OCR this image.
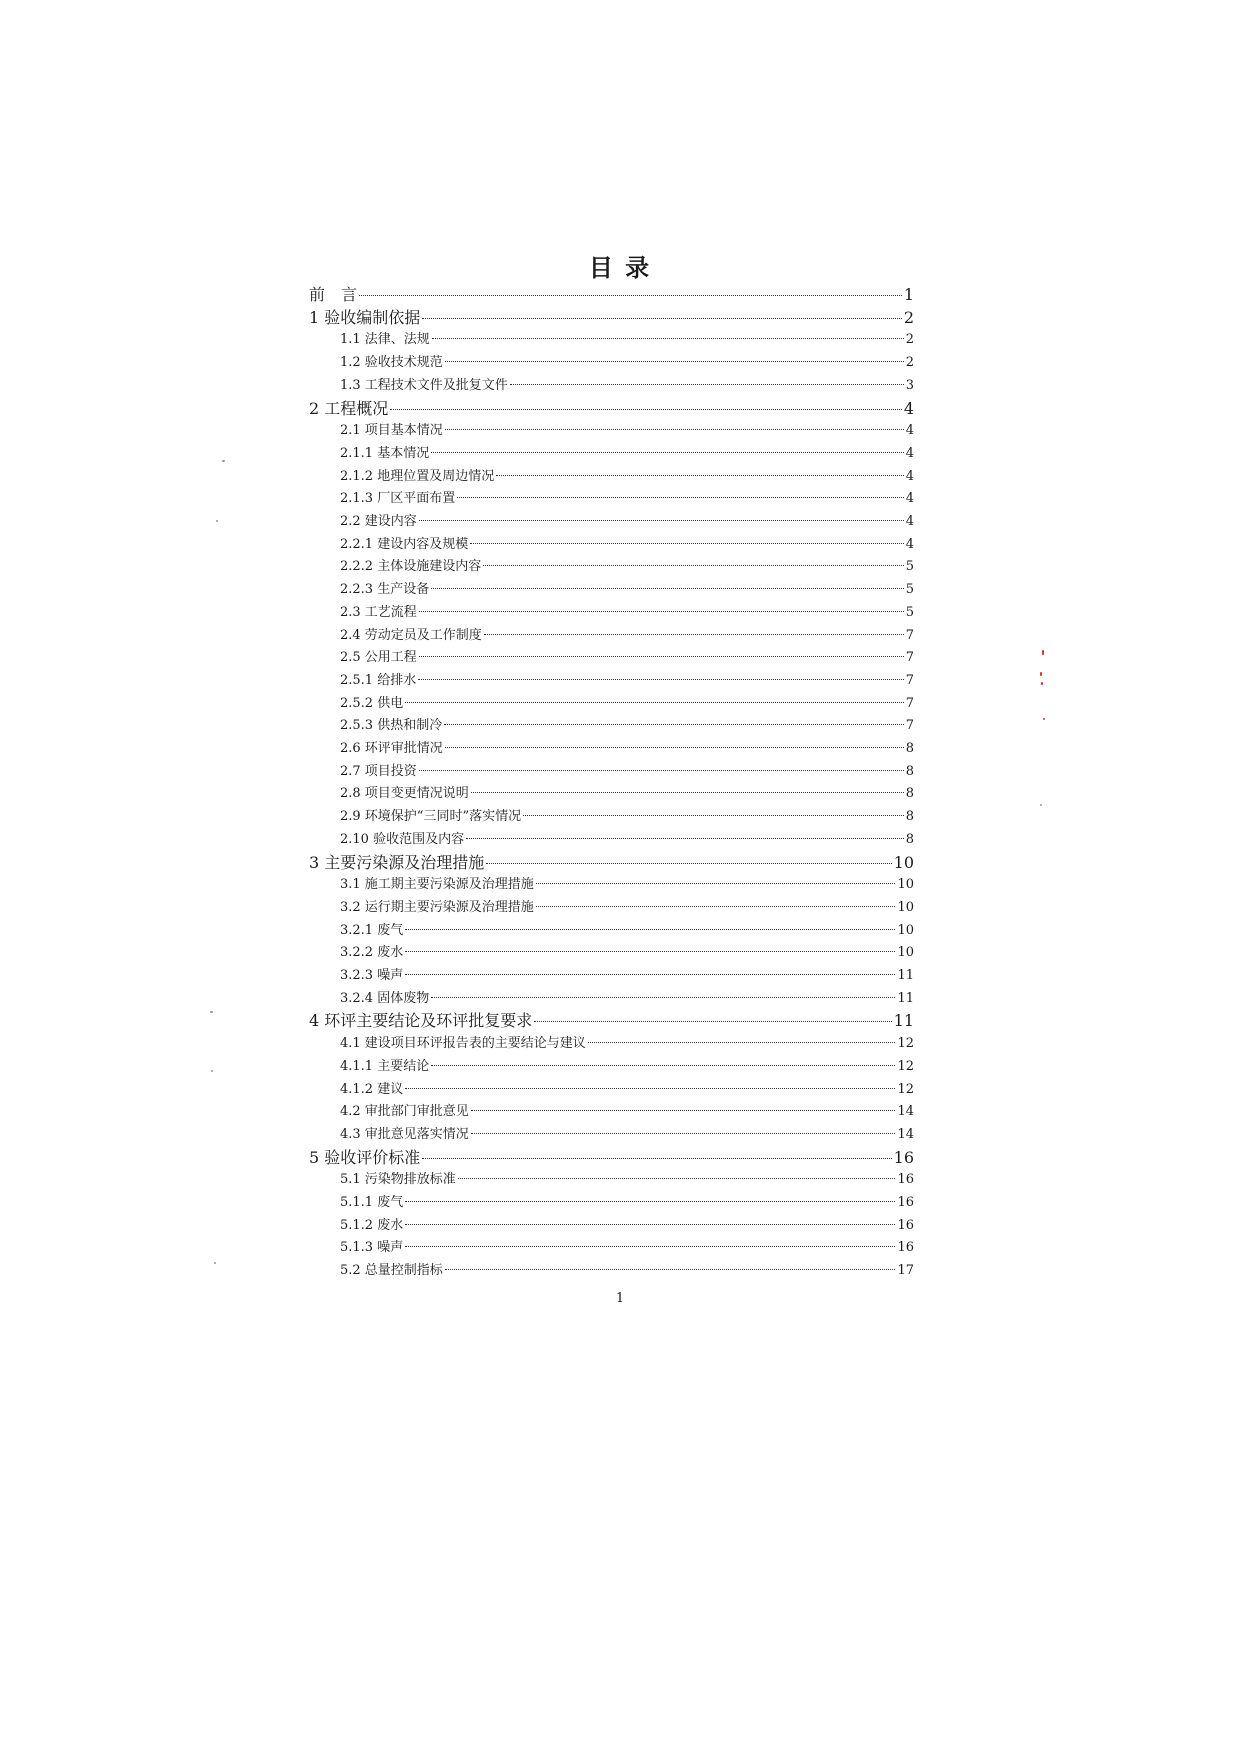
目 录
前　言	1
1 验收编制依据	2
1.1 法律、法规	2
1.2 验收技术规范	2
1.3 工程技术文件及批复文件	3
2 工程概况	4
2.1 项目基本情况	4
2.1.1 基本情况	4
2.1.2 地理位置及周边情况	4
2.1.3 厂区平面布置	4
2.2 建设内容	4
2.2.1 建设内容及规模	4
2.2.2 主体设施建设内容	5
2.2.3 生产设备	5
2.3 工艺流程	5
2.4 劳动定员及工作制度	7
2.5 公用工程	7
2.5.1 给排水	7
2.5.2 供电	7
2.5.3 供热和制冷	7
2.6 环评审批情况	8
2.7 项目投资	8
2.8 项目变更情况说明	8
2.9 环境保护“三同时”落实情况	8
2.10 验收范围及内容	8
3 主要污染源及治理措施	10
3.1 施工期主要污染源及治理措施	10
3.2 运行期主要污染源及治理措施	10
3.2.1 废气	10
3.2.2 废水	10
3.2.3 噪声	11
3.2.4 固体废物	11
4 环评主要结论及环评批复要求	11
4.1 建设项目环评报告表的主要结论与建议	12
4.1.1 主要结论	12
4.1.2 建议	12
4.2 审批部门审批意见	14
4.3 审批意见落实情况	14
5 验收评价标准	16
5.1 污染物排放标准	16
5.1.1 废气	16
5.1.2 废水	16
5.1.3 噪声	16
5.2 总量控制指标	17
1
